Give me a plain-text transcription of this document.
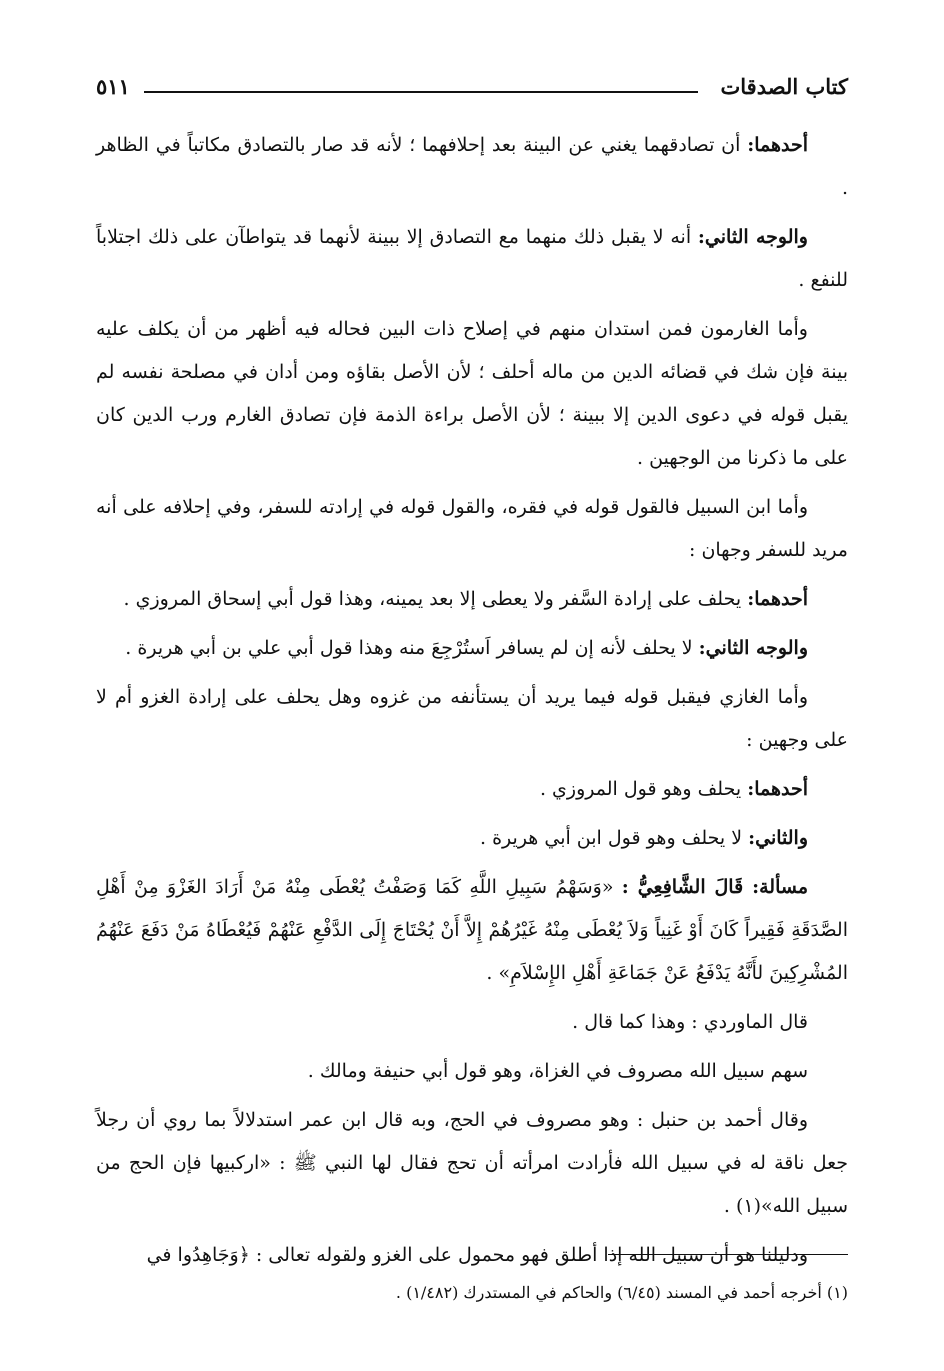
كتاب الصدقات
٥١١

أحدهما: أن تصادقهما يغني عن البينة بعد إحلافهما ؛ لأنه قد صار بالتصادق مكاتباً في الظاهر .

والوجه الثاني: أنه لا يقبل ذلك منهما مع التصادق إلا ببينة لأنهما قد يتواطآن على ذلك اجتلاباً للنفع .

وأما الغارمون فمن استدان منهم في إصلاح ذات البين فحاله فيه أظهر من أن يكلف عليه بينة فإن شك في قضائه الدين من ماله أحلف ؛ لأن الأصل بقاؤه ومن أدان في مصلحة نفسه لم يقبل قوله في دعوى الدين إلا ببينة ؛ لأن الأصل براءة الذمة فإن تصادق الغارم ورب الدين كان على ما ذكرنا من الوجهين .

وأما ابن السبيل فالقول قوله في فقره، والقول قوله في إرادته للسفر، وفي إحلافه على أنه مريد للسفر وجهان :

أحدهما: يحلف على إرادة السَّفر ولا يعطى إلا بعد يمينه، وهذا قول أبي إسحاق المروزي .

والوجه الثاني: لا يحلف لأنه إن لم يسافر اَستُرْجِعَ منه وهذا قول أبي علي بن أبي هريرة .

وأما الغازي فيقبل قوله فيما يريد أن يستأنفه من غزوه وهل يحلف على إرادة الغزو أم لا على وجهين :

أحدهما: يحلف وهو قول المروزي .

والثاني: لا يحلف وهو قول ابن أبي هريرة .

مسألة: قَالَ الشَّافِعِيُّ : «وَسَهْمُ سَبِيلِ اللَّهِ كَمَا وَصَفْتُ يُعْطَى مِنْهُ مَنْ أَرَادَ الغَزْوَ مِنْ أَهْلِ الصَّدَقَةِ فَقِيراً كَانَ أَوْ غَنِياً وَلاَ يُعْطَى مِنْهُ غَيْرُهُمْ إِلاَّ أَنْ يُحْتَاجَ إِلَى الدَّفْعِ عَنْهُمْ فَيُعْطَاهُ مَنْ دَفَعَ عَنْهُمُ المُشْرِكِينَ لأَنَّهُ يَدْفَعُ عَنْ جَمَاعَةِ أَهْلِ الإِسْلاَمِ» .

قال الماوردي : وهذا كما قال .

سهم سبيل الله مصروف في الغزاة، وهو قول أبي حنيفة ومالك .

وقال أحمد بن حنبل : وهو مصروف في الحج، وبه قال ابن عمر استدلالاً بما روي أن رجلاً جعل ناقة له في سبيل الله فأرادت امرأته أن تحج فقال لها النبي ﷺ : «اركبيها فإن الحج من سبيل الله»(١) .

ودليلنا هو أن سبيل الله إذا أطلق فهو محمول على الغزو ولقوله تعالى : ﴿وَجَاهِدُوا في

(١) أخرجه أحمد في المسند (٦/٤٥) والحاكم في المستدرك (١/٤٨٢) .
